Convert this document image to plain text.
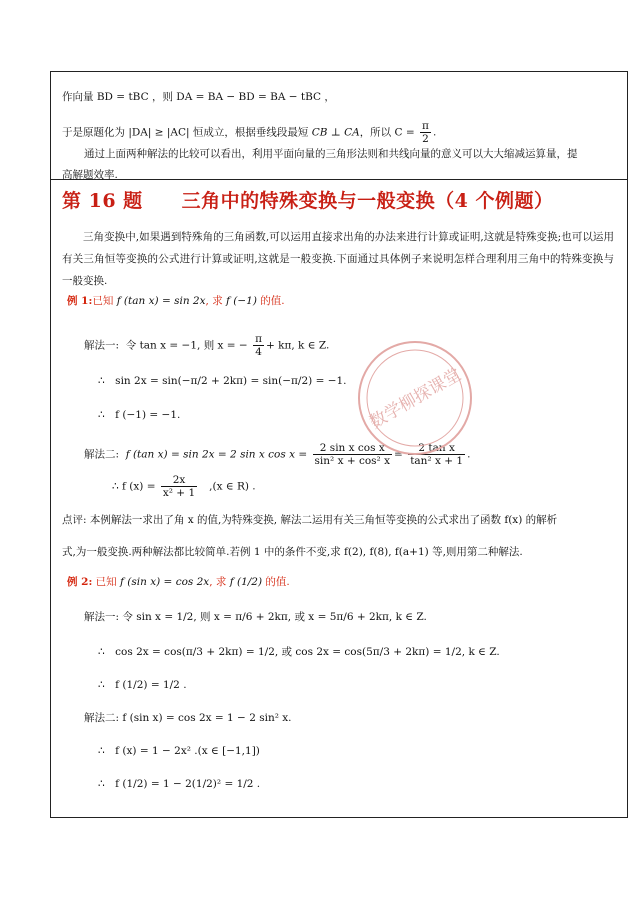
作向量 BD = tBC ，则 DA = BA − BD = BA − tBC ，
于是原题化为 |DA| ≥ |AC| 恒成立，根据垂线段最短 CB ⊥ CA，所以 $C = \frac{\pi}{2}$ .
通过上面两种解法的比较可以看出，利用平面向量的三角形法则和共线向量的意义可以大大缩减运算量，提
高解题效率.
第 16 题　　三角中的特殊变换与一般变换（4 个例题）
三角变换中,如果遇到特殊角的三角函数,可以运用直接求出角的办法来进行计算或证明,这就是特殊变换;也可以运用有关三角恒等变换的公式进行计算或证明,这就是一般变换.下面通过具体例子来说明怎样合理利用三角中的特殊变换与一般变换.
例 1:已知 f (tan x) = sin 2x, 求 f (−1) 的值.
解法一: 令 tan x = −1, 则 x = − $\frac{\pi}{4} + k\pi$, k ∈ Z.
∴　sin 2x = sin(−π/2 + 2kπ) = sin(−π/2) = −1.
∴　f (−1) = −1.
解法二: f (tan x) = sin 2x = 2 sin x $\cos x = \frac{\text{2 sin x cos x}}{\text{sin² x + cos² x}} = \frac{\text{2 tan x}}{\text{tan² x + 1}}$ .
∴ f $(x) = \frac{2x}{\text{x² + 1}} ,(x$ ∈ R) .
点评: 本例解法一求出了角 x 的值,为特殊变换, 解法二运用有关三角恒等变换的公式求出了函数 f(x) 的解析
式,为一般变换.两种解法都比较简单.若例 1 中的条件不变,求 f(2), f(8), f(a+1) 等,则用第二种解法.
例 2: 已知 f (sin x) = cos 2x, 求 f (1/2) 的值.
解法一: 令 sin x = 1/2, 则 x = π/6 + 2kπ, 或 x = 5π/6 + 2kπ, k ∈ Z.
∴　cos 2x = cos(π/3 + 2kπ) = 1/2, 或 cos 2x = cos(5π/3 + 2kπ) = 1/2, k ∈ Z.
∴　f (1/2) = 1/2 .
解法二: f (sin x) = cos 2x = 1 − 2 sin² x.
∴　f (x) = 1 − 2x² .(x ∈ [−1,1])
∴　f (1/2) = 1 − 2(1/2)² = 1/2 .
数学柳探课堂
